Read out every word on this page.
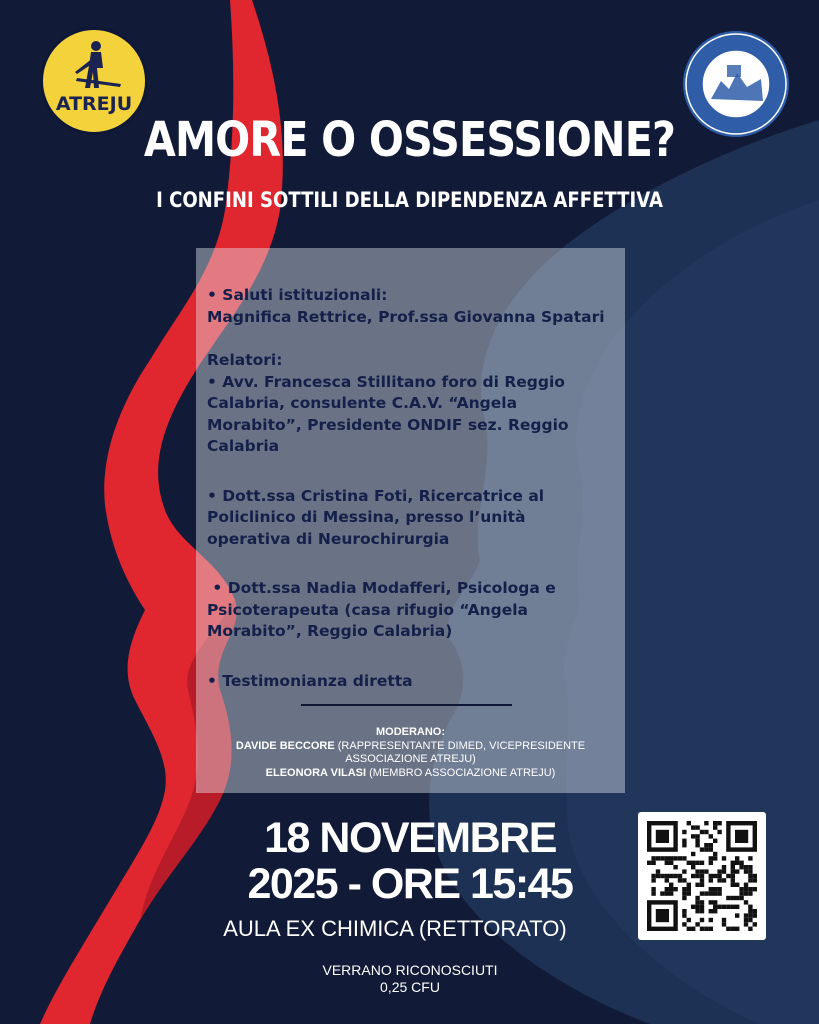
ATREJU
AMORE O OSSESSIONE?
I CONFINI SOTTILI DELLA DIPENDENZA AFFETTIVA

• Saluti istituzionali:

Magnifica Rettrice, Prof.ssa Giovanna Spatari

Relatori:

• Avv. Francesca Stillitano foro di Reggio

Calabria, consulente C.A.V. “Angela

Morabito”, Presidente ONDIF sez. Reggio

Calabria

• Dott.ssa Cristina Foti, Ricercatrice al

Policlinico di Messina, presso l’unità

operativa di Neurochirurgia

• Dott.ssa Nadia Modafferi, Psicologa e

Psicoterapeuta (casa rifugio “Angela

Morabito”, Reggio Calabria)

• Testimonianza diretta

MODERANO:
DAVIDE BECCORE (RAPPRESENTANTE DIMED, VICEPRESIDENTE
ASSOCIAZIONE ATREJU)
ELEONORA VILASI (MEMBRO ASSOCIAZIONE ATREJU)
18 NOVEMBRE
2025 - ORE 15:45
AULA EX CHIMICA (RETTORATO)
VERRANO RICONOSCIUTI
0,25 CFU
